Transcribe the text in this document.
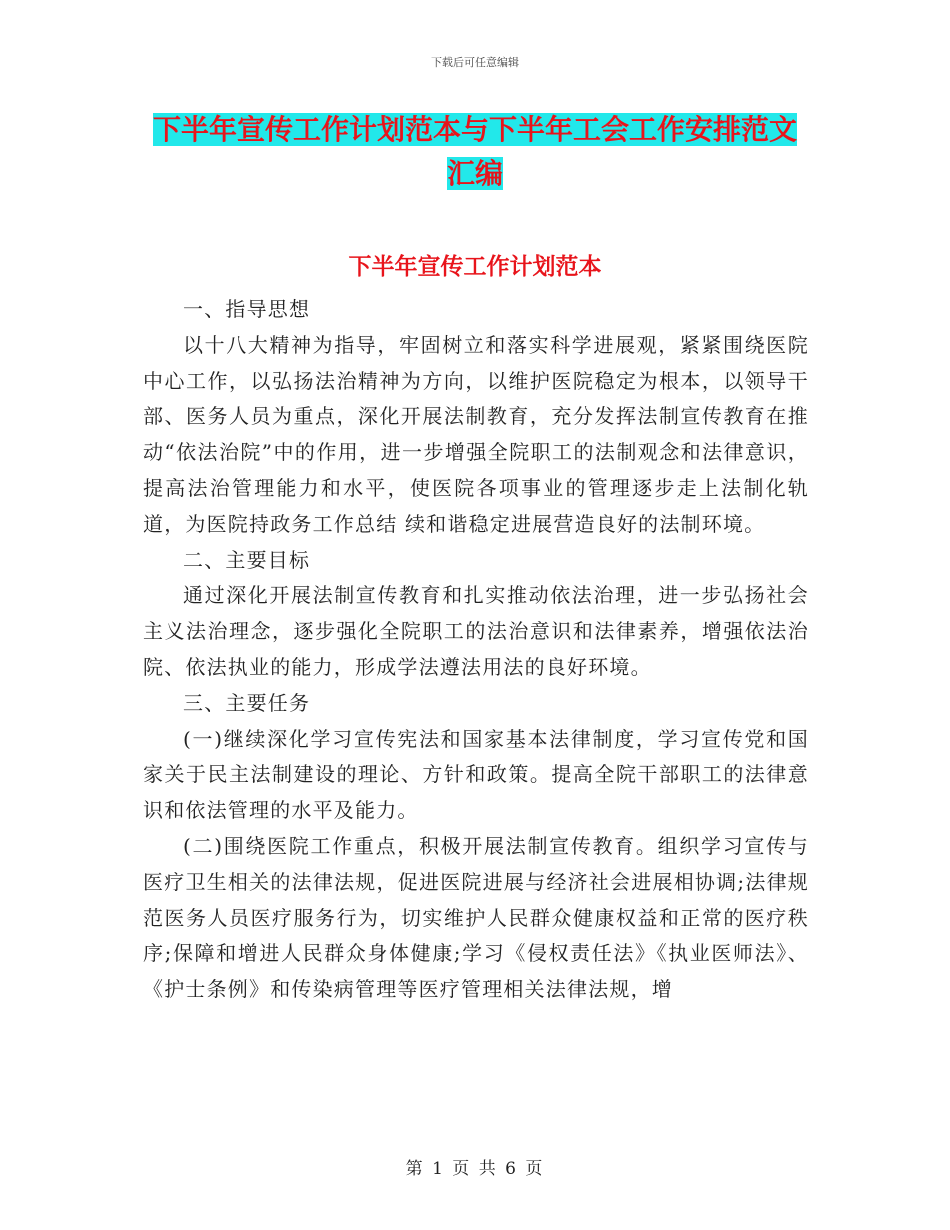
下载后可任意编辑
下半年宣传工作计划范本与下半年工会工作安排范文
汇编
下半年宣传工作计划范本

一、指导思想

以十八大精神为指导，牢固树立和落实科学进展观，紧紧围绕医院中心工作，以弘扬法治精神为方向，以维护医院稳定为根本，以领导干部、医务人员为重点，深化开展法制教育，充分发挥法制宣传教育在推动“依法治院”中的作用，进一步增强全院职工的法制观念和法律意识，提高法治管理能力和水平，使医院各项事业的管理逐步走上法制化轨道，为医院持政务工作总结 续和谐稳定进展营造良好的法制环境。

二、主要目标

通过深化开展法制宣传教育和扎实推动依法治理，进一步弘扬社会主义法治理念，逐步强化全院职工的法治意识和法律素养，增强依法治院、依法执业的能力，形成学法遵法用法的良好环境。

三、主要任务

(一)继续深化学习宣传宪法和国家基本法律制度，学习宣传党和国家关于民主法制建设的理论、方针和政策。提高全院干部职工的法律意识和依法管理的水平及能力。

(二)围绕医院工作重点，积极开展法制宣传教育。组织学习宣传与医疗卫生相关的法律法规，促进医院进展与经济社会进展相协调;法律规范医务人员医疗服务行为，切实维护人民群众健康权益和正常的医疗秩序;保障和增进人民群众身体健康;学习《侵权责任法》《执业医师法》、《护士条例》和传染病管理等医疗管理相关法律法规，增

第 1 页 共 6 页
